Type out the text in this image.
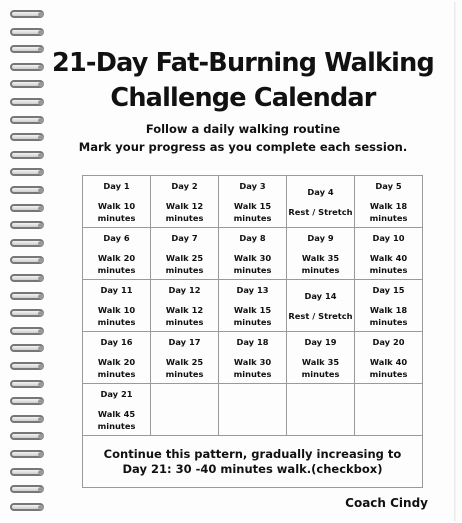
21-Day Fat-Burning Walking
Challenge Calendar
Follow a daily walking routine
Mark your progress as you complete each session.
Day 1
Walk 10 minutes	Day 2
Walk 12 minutes	Day 3
Walk 15 minutes	Day 4
Rest / Stretch	Day 5
Walk 18 minutes

Day 6
Walk 20 minutes	Day 7
Walk 25 minutes	Day 8
Walk 30 minutes	Day 9
Walk 35 minutes	Day 10
Walk 40 minutes

Day 11
Walk 10 minutes	Day 12
Walk 12 minutes	Day 13
Walk 15 minutes	Day 14
Rest / Stretch	Day 15
Walk 18 minutes

Day 16
Walk 20 minutes	Day 17
Walk 25 minutes	Day 18
Walk 30 minutes	Day 19
Walk 35 minutes	Day 20
Walk 40 minutes

Day 21
Walk 45 minutes				

Continue this pattern, gradually increasing to Day 21: 30 -40 minutes walk.(checkbox)				
Coach Cindy
